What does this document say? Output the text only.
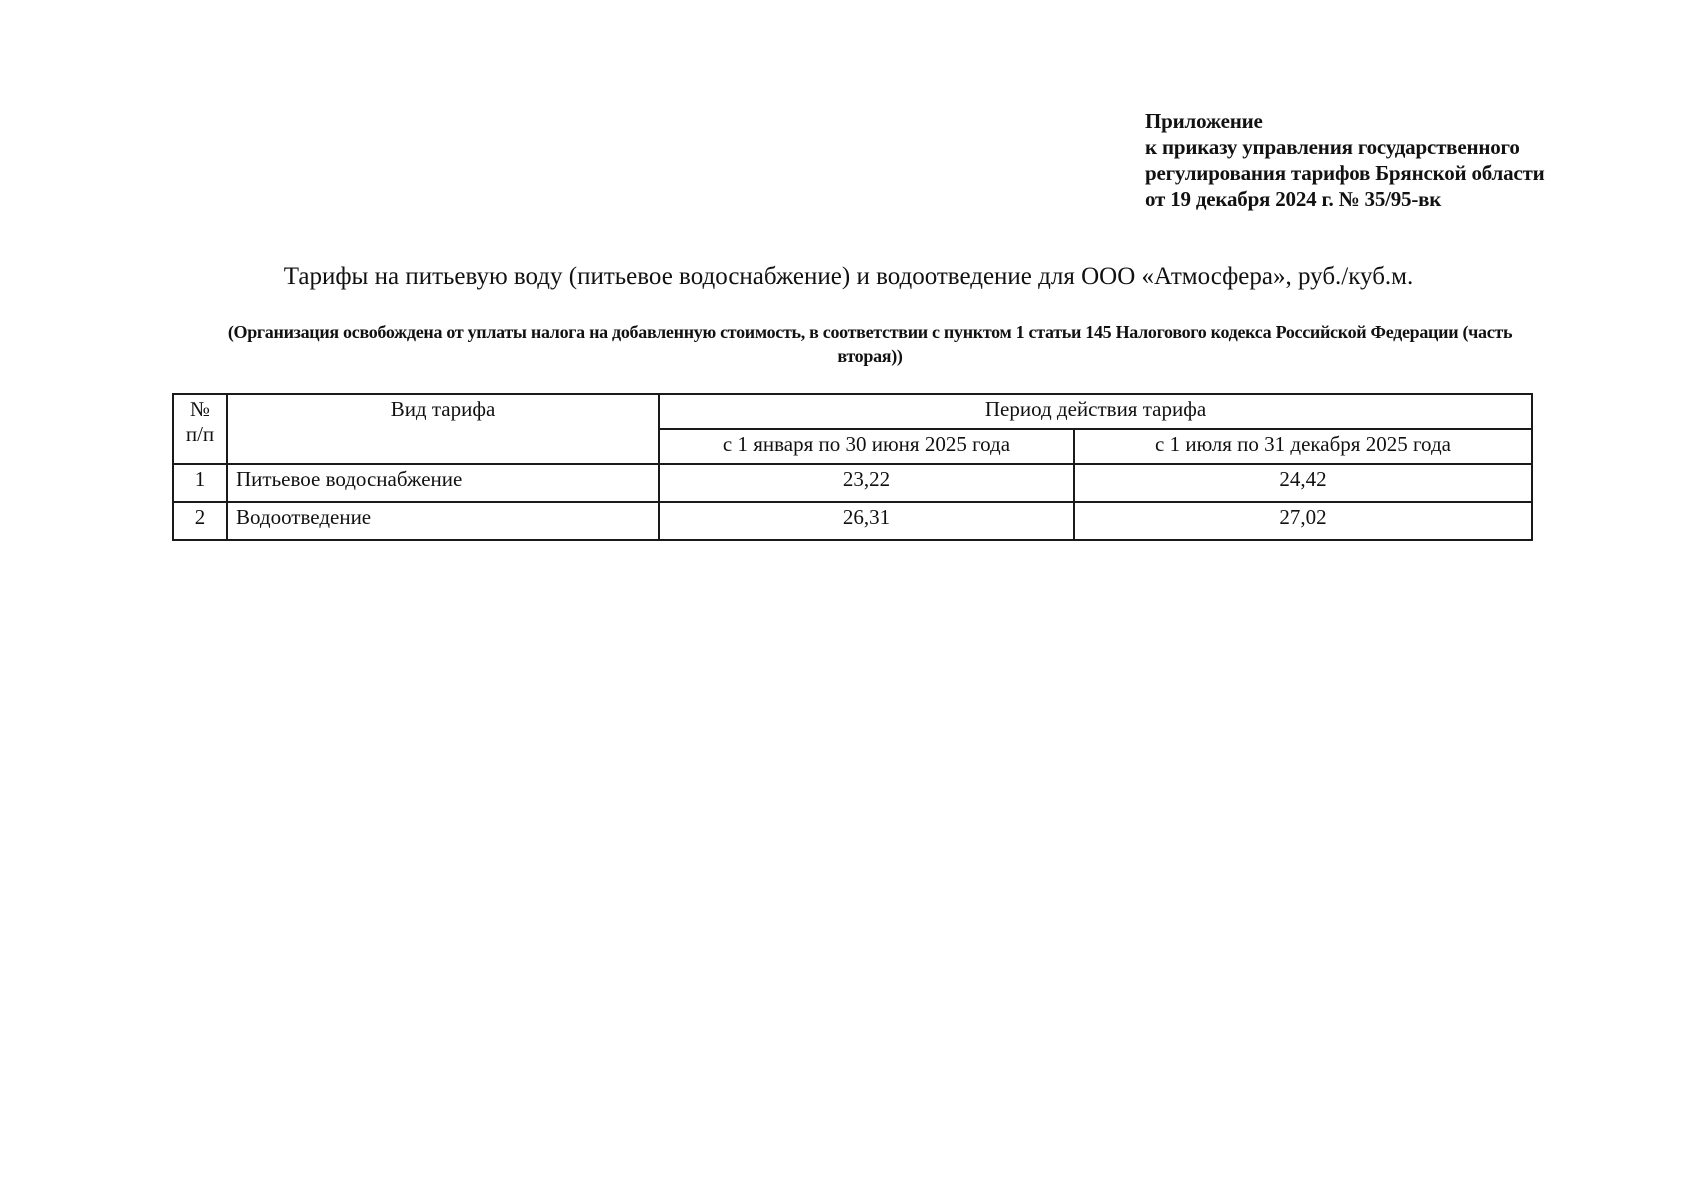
Приложение
к приказу управления государственного
регулирования тарифов Брянской области
от 19 декабря 2024 г. № 35/95-вк
Тарифы на питьевую воду (питьевое водоснабжение) и водоотведение для ООО «Атмосфера», руб./куб.м.
(Организация освобождена от уплаты налога на добавленную стоимость, в соответствии с пунктом 1 статьи 145 Налогового кодекса Российской Федерации (часть вторая))
№ п/п	Вид тарифа	Период действия тарифа	
		с 1 января по 30 июня 2025 года	с 1 июля по 31 декабря 2025 года
1	Питьевое водоснабжение	23,22	24,42
2	Водоотведение	26,31	27,02
